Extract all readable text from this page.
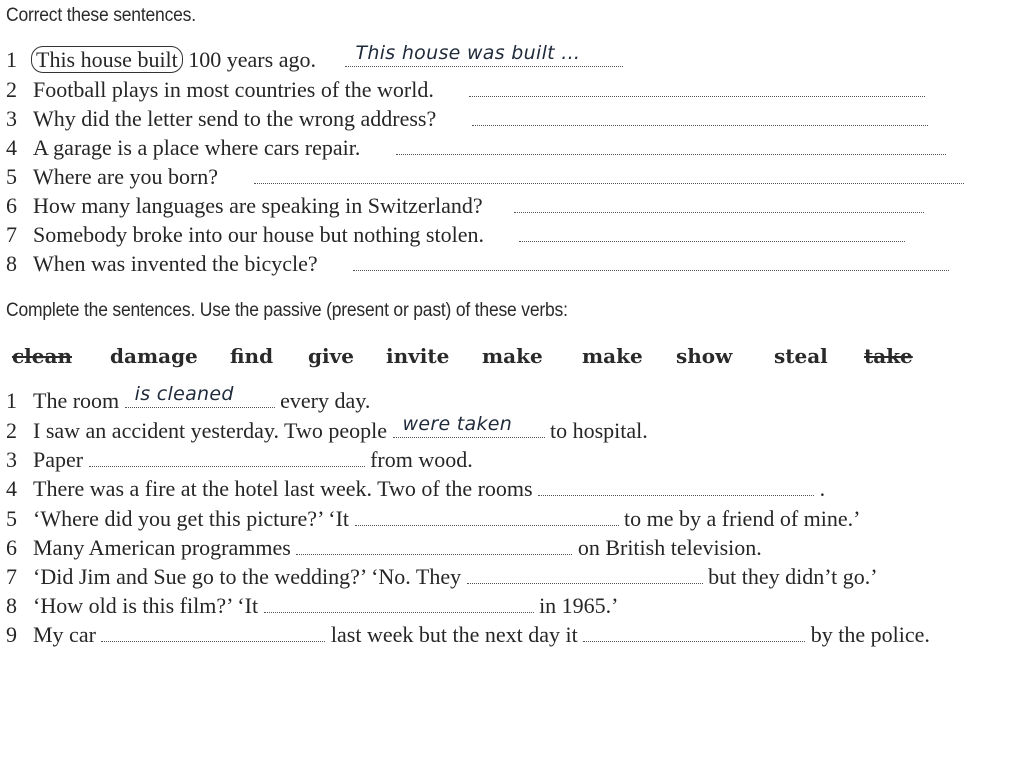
Correct these sentences.
1 This house built 100 years ago. This house was built ...
2 Football plays in most countries of the world.
3 Why did the letter send to the wrong address?
4 A garage is a place where cars repair.
5 Where are you born?
6 How many languages are speaking in Switzerland?
7 Somebody broke into our house but nothing stolen.
8 When was invented the bicycle?
Complete the sentences. Use the passive (present or past) of these verbs:
clean damage find give invite make make show steal take
1 The room is cleaned every day.
2 I saw an accident yesterday. Two people were taken to hospital.
3 Paper	from wood.
4 There was a fire at the hotel last week. Two of the rooms	.
5 ‘Where did you get this picture?’ ‘It	to me by a friend of mine.’
6 Many American programmes	on British television.
7 ‘Did Jim and Sue go to the wedding?’ ‘No. They	but they didn’t go.’
8 ‘How old is this film?’ ‘It	in 1965.’
9 My car	last week but the next day it	by the police.
